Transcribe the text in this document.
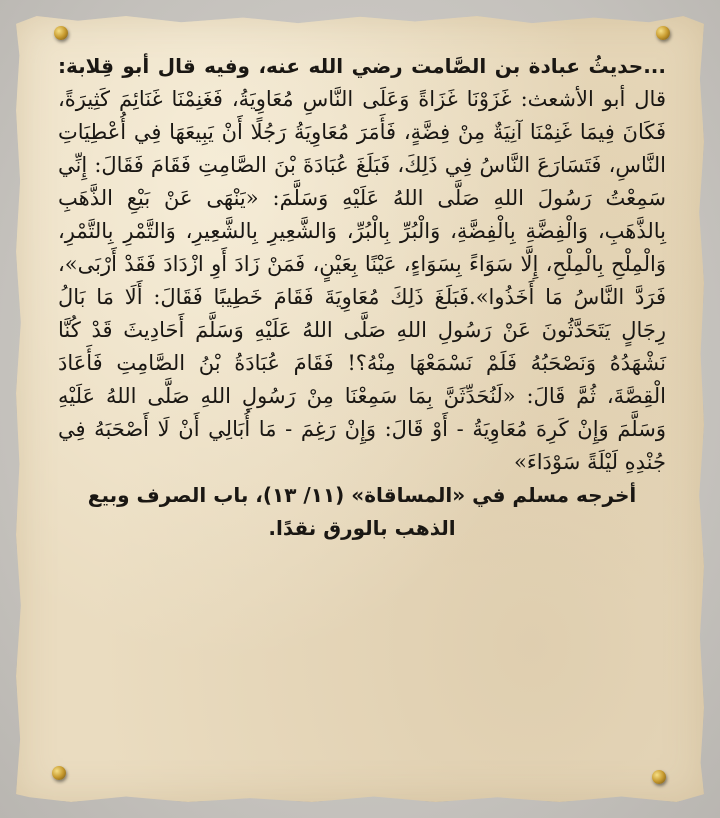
...حديثُ عبادة بن الصَّامت رضي الله عنه، وفيه قال أبو قِلابة: قال أبو الأشعث: غَزَوْنَا غَزَاةً وَعَلَى النَّاسِ مُعَاوِيَةُ، فَغَنِمْنَا غَنَائِمَ كَثِيرَةً، فَكَانَ فِيمَا غَنِمْنَا آنِيَةٌ مِنْ فِضَّةٍ، فَأَمَرَ مُعَاوِيَةُ رَجُلًا أَنْ يَبِيعَهَا فِي أُعْطِيَاتِ النَّاسِ، فَتَسَارَعَ النَّاسُ فِي ذَلِكَ، فَبَلَغَ عُبَادَةَ بْنَ الصَّامِتِ فَقَامَ فَقَالَ: إِنِّي سَمِعْتُ رَسُولَ اللهِ صَلَّى اللهُ عَلَيْهِ وَسَلَّمَ: «يَنْهَى عَنْ بَيْعِ الذَّهَبِ بِالذَّهَبِ، وَالْفِضَّةِ بِالْفِضَّةِ، وَالْبُرِّ بِالْبُرِّ، وَالشَّعِيرِ بِالشَّعِيرِ، وَالتَّمْرِ بِالتَّمْرِ، وَالْمِلْحِ بِالْمِلْحِ، إِلَّا سَوَاءً بِسَوَاءٍ، عَيْنًا بِعَيْنٍ، فَمَنْ زَادَ أَوِ ازْدَادَ فَقَدْ أَرْبَى»، فَرَدَّ النَّاسُ مَا أَخَذُوا».فَبَلَغَ ذَلِكَ مُعَاوِيَةَ فَقَامَ خَطِيبًا فَقَالَ: أَلَا مَا بَالُ رِجَالٍ يَتَحَدَّثُونَ عَنْ رَسُولِ اللهِ صَلَّى اللهُ عَلَيْهِ وَسَلَّمَ أَحَادِيثَ قَدْ كُنَّا نَشْهَدُهُ وَنَصْحَبُهُ فَلَمْ نَسْمَعْهَا مِنْهُ؟! فَقَامَ عُبَادَةُ بْنُ الصَّامِتِ فَأَعَادَ الْقِصَّةَ، ثُمَّ قَالَ: «لَنُحَدِّثَنَّ بِمَا سَمِعْنَا مِنْ رَسُولِ اللهِ صَلَّى اللهُ عَلَيْهِ وَسَلَّمَ وَإِنْ كَرِهَ مُعَاوِيَةُ - أَوْ قَالَ: وَإِنْ رَغِمَ - مَا أُبَالِي أَنْ لَا أَصْحَبَهُ فِي جُنْدِهِ لَيْلَةً سَوْدَاءَ»

أخرجه مسلم في «المساقاة» (١١/ ١٣)، باب الصرف وبيع الذهب بالورق نقدًا.
